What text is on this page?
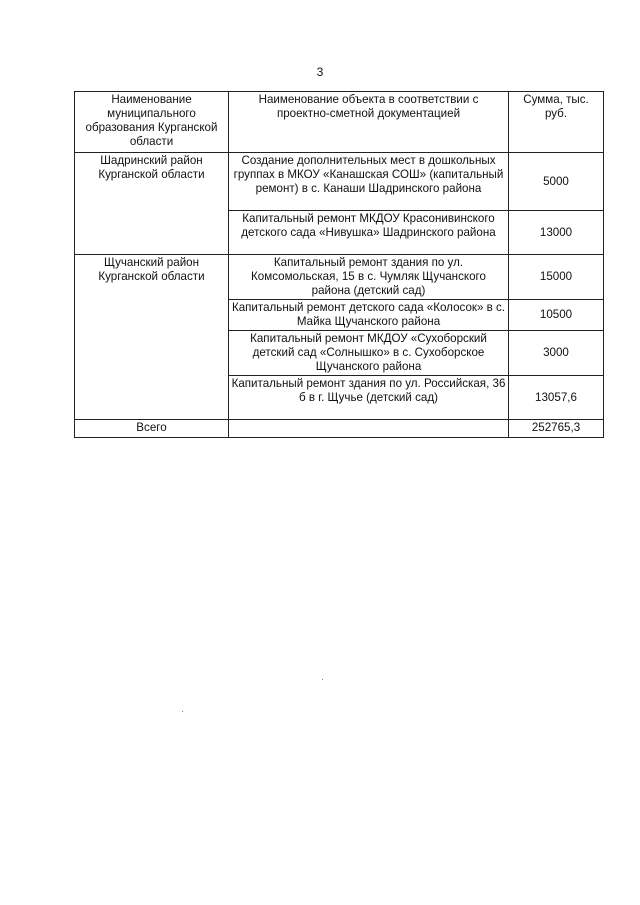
3
Наименование муниципального образования Курганской области	Наименование объекта в соответствии с проектно-сметной документацией	Сумма, тыс. руб.
Шадринский район Курганской области	Создание дополнительных мест в дошкольных группах в МКОУ «Канашская СОШ» (капитальный ремонт) в с. Канаши Шадринского района	5000
	Капитальный ремонт МКДОУ Красонивинского детского сада «Нивушка» Шадринского района	13000
Щучанский район Курганской области	Капитальный ремонт здания по ул. Комсомольская, 15 в с. Чумляк Щучанского района (детский сад)	15000
	Капитальный ремонт детского сада «Колосок» в с. Майка Щучанского района	10500
	Капитальный ремонт МКДОУ «Сухоборский детский сад «Солнышко» в с. Сухоборское Щучанского района	3000
	Капитальный ремонт здания по ул. Российская, 36 б в г. Щучье (детский сад)	13057,6
Всего		252765,3
